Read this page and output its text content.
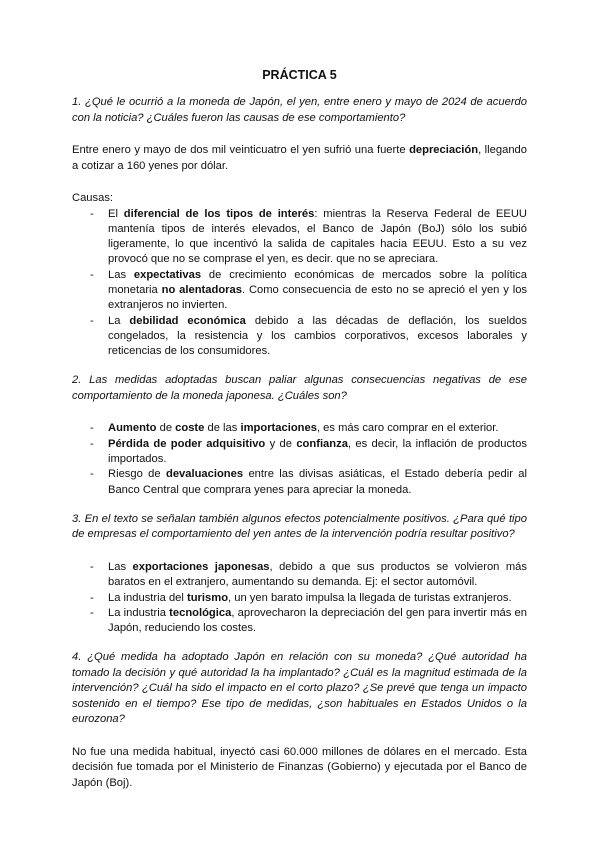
PRÁCTICA 5

1. ¿Qué le ocurrió a la moneda de Japón, el yen, entre enero y mayo de 2024 de acuerdo con la noticia? ¿Cuáles fueron las causas de ese comportamiento?

Entre enero y mayo de dos mil veinticuatro el yen sufrió una fuerte depreciación, llegando a cotizar a 160 yenes por dólar.

Causas:

- El diferencial de los tipos de interés: mientras la Reserva Federal de EEUU mantenía tipos de interés elevados, el Banco de Japón (BoJ) sólo los subió ligeramente, lo que incentivó la salida de capitales hacia EEUU. Esto a su vez provocó que no se comprase el yen, es decir. que no se apreciara.
- Las expectativas de crecimiento económicas de mercados sobre la política monetaria no alentadoras. Como consecuencia de esto no se apreció el yen y los extranjeros no invierten.
- La debilidad económica debido a las décadas de deflación, los sueldos congelados, la resistencia y los cambios corporativos, excesos laborales y reticencias de los consumidores.

2. Las medidas adoptadas buscan paliar algunas consecuencias negativas de ese comportamiento de la moneda japonesa. ¿Cuáles son?

- Aumento de coste de las importaciones, es más caro comprar en el exterior.
- Pérdida de poder adquisitivo y de confianza, es decir, la inflación de productos importados.
- Riesgo de devaluaciones entre las divisas asiáticas, el Estado debería pedir al Banco Central que comprara yenes para apreciar la moneda.

3. En el texto se señalan también algunos efectos potencialmente positivos. ¿Para qué tipo de empresas el comportamiento del yen antes de la intervención podría resultar positivo?

- Las exportaciones japonesas, debido a que sus productos se volvieron más baratos en el extranjero, aumentando su demanda. Ej: el sector automóvil.
- La industria del turismo, un yen barato impulsa la llegada de turistas extranjeros.
- La industria tecnológica, aprovecharon la depreciación del gen para invertir más en Japón, reduciendo los costes.

4. ¿Qué medida ha adoptado Japón en relación con su moneda? ¿Qué autoridad ha tomado la decisión y qué autoridad la ha implantado? ¿Cuál es la magnitud estimada de la intervención? ¿Cuál ha sido el impacto en el corto plazo? ¿Se prevé que tenga un impacto sostenido en el tiempo? Ese tipo de medidas, ¿son habituales en Estados Unidos o la eurozona?

No fue una medida habitual, inyectó casi 60.000 millones de dólares en el mercado. Esta decisión fue tomada por el Ministerio de Finanzas (Gobierno) y ejecutada por el Banco de Japón (Boj).
